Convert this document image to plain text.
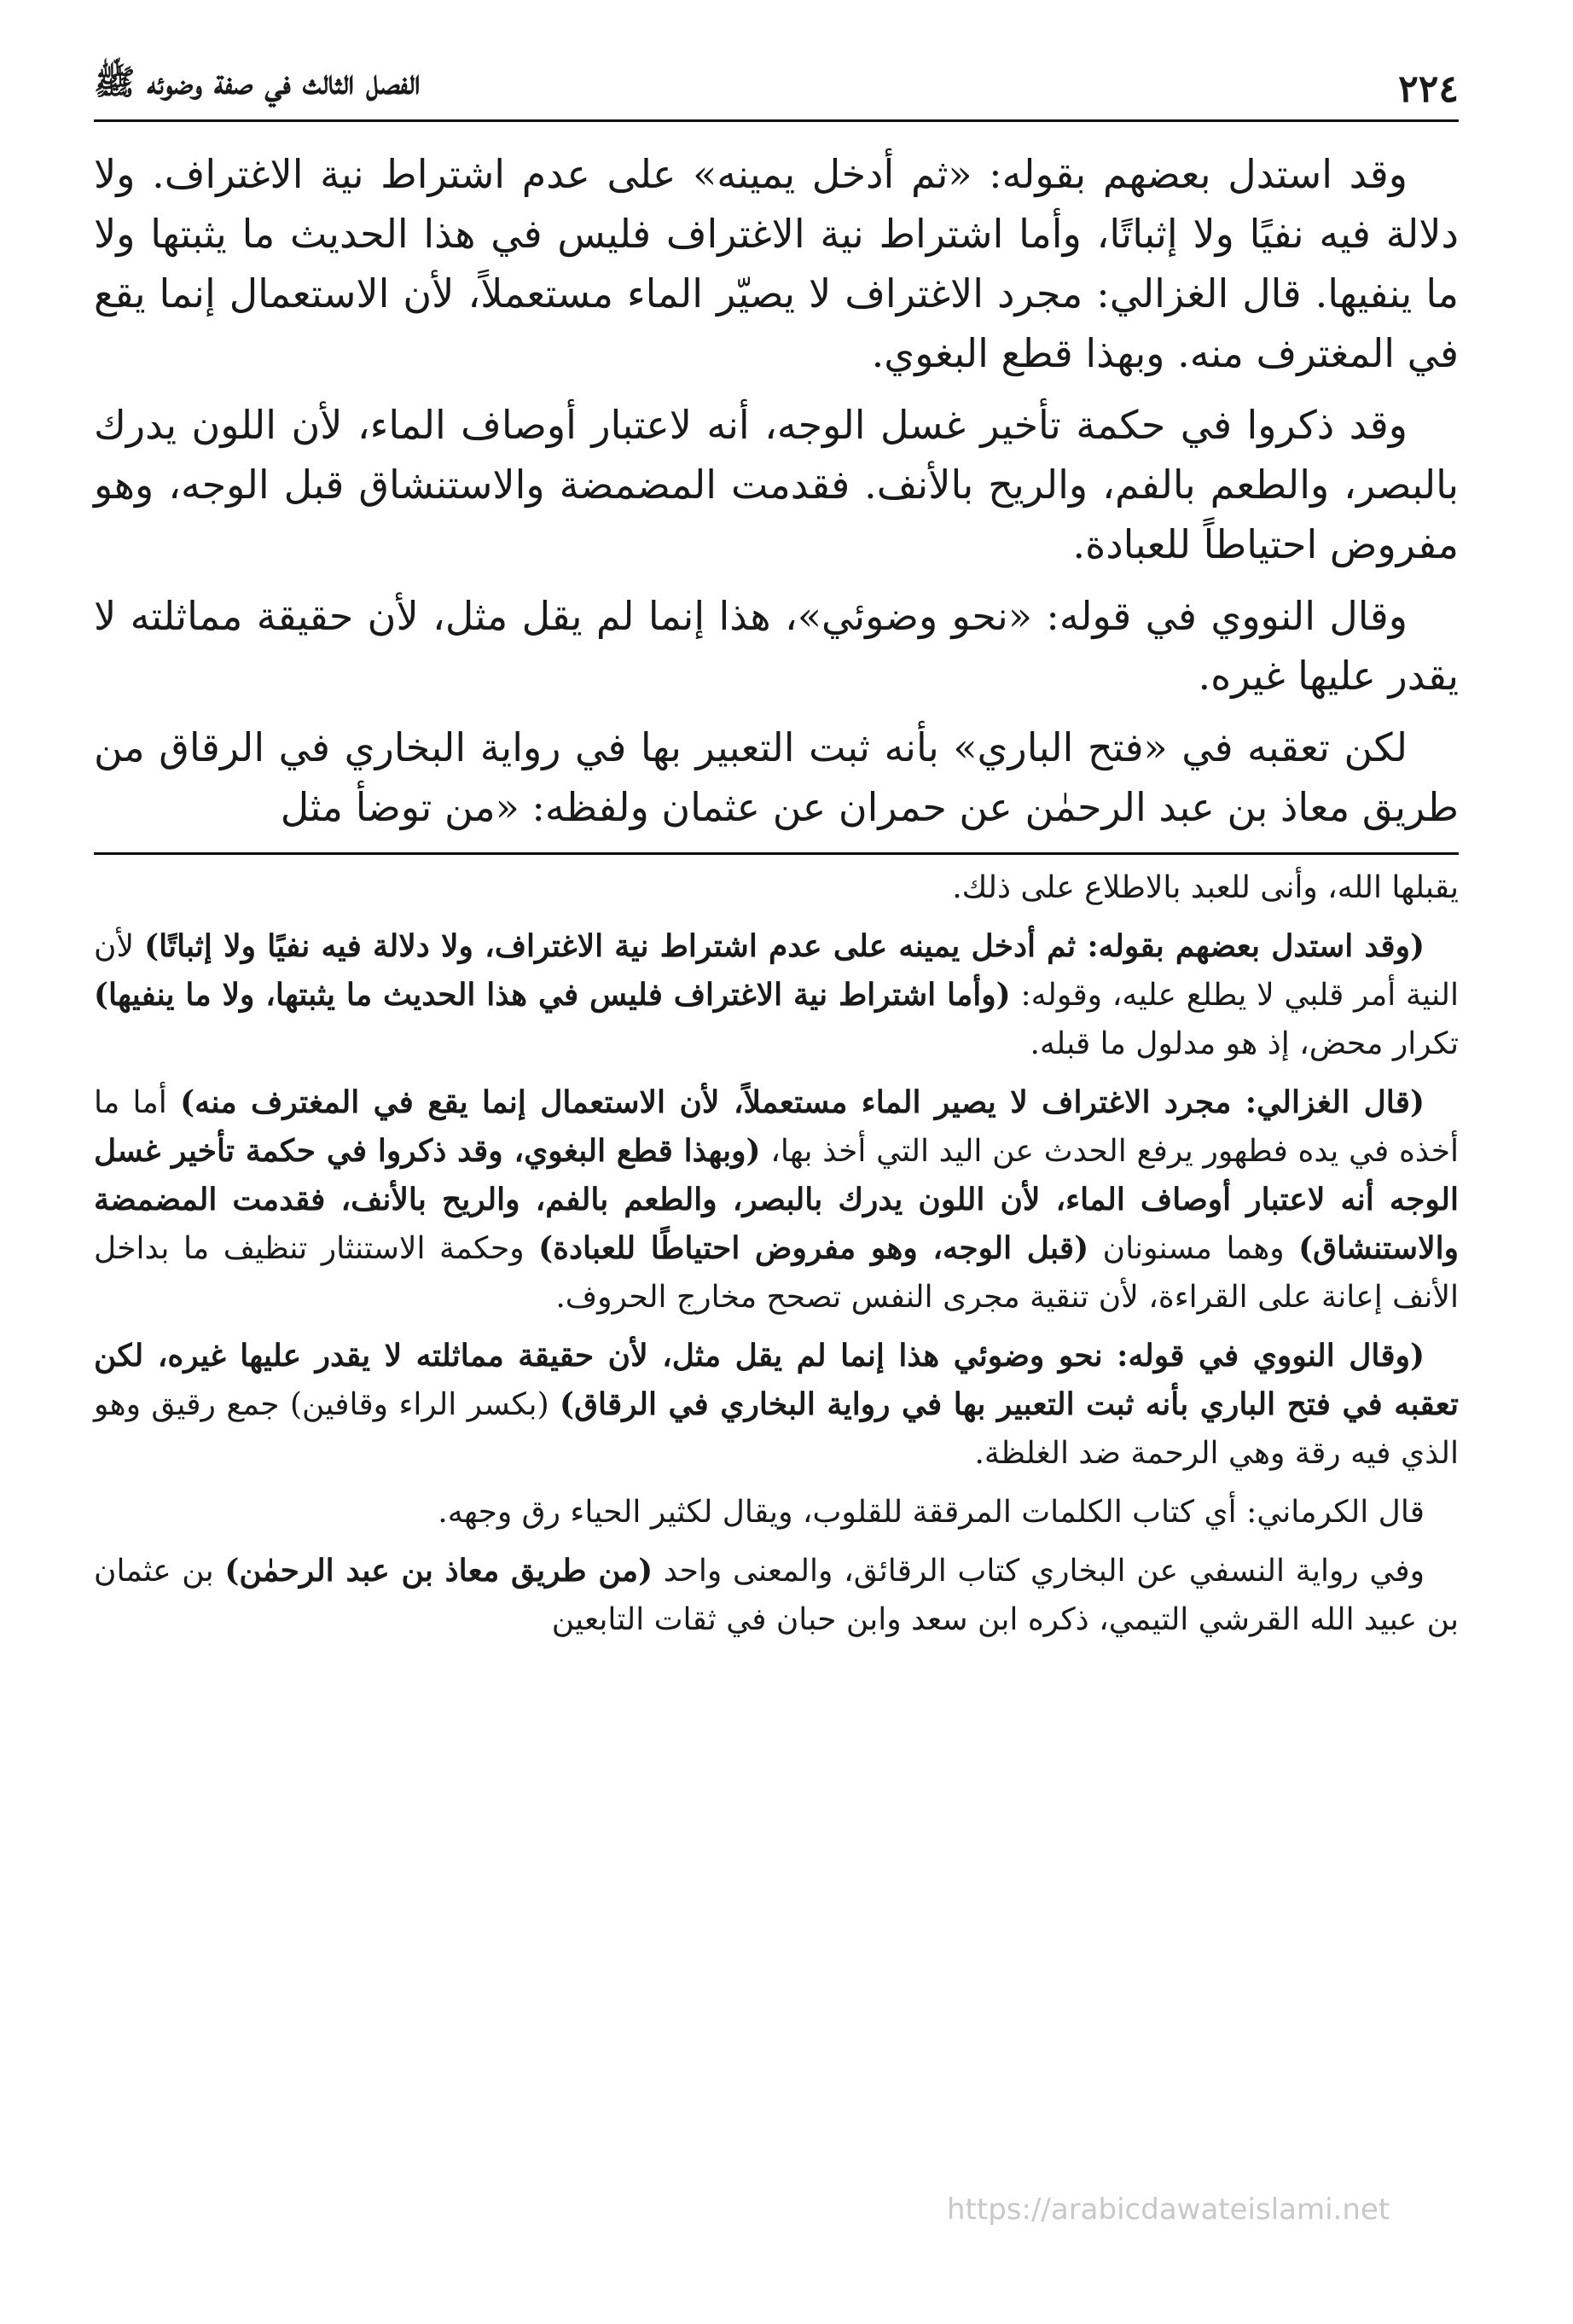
٢٢٤
الفصل الثالث في صفة وضوئه ﷺ

وقد استدل بعضهم بقوله: «ثم أدخل يمينه» على عدم اشتراط نية الاغتراف. ولا دلالة فيه نفيًا ولا إثباتًا، وأما اشتراط نية الاغتراف فليس في هذا الحديث ما يثبتها ولا ما ينفيها. قال الغزالي: مجرد الاغتراف لا يصيّر الماء مستعملاً، لأن الاستعمال إنما يقع في المغترف منه. وبهذا قطع البغوي.

وقد ذكروا في حكمة تأخير غسل الوجه، أنه لاعتبار أوصاف الماء، لأن اللون يدرك بالبصر، والطعم بالفم، والريح بالأنف. فقدمت المضمضة والاستنشاق قبل الوجه، وهو مفروض احتياطاً للعبادة.

وقال النووي في قوله: «نحو وضوئي»، هذا إنما لم يقل مثل، لأن حقيقة مماثلته لا يقدر عليها غيره.

لكن تعقبه في «فتح الباري» بأنه ثبت التعبير بها في رواية البخاري في الرقاق من طريق معاذ بن عبد الرحمٰن عن حمران عن عثمان ولفظه: «من توضأ مثل

يقبلها الله، وأنى للعبد بالاطلاع على ذلك.

(وقد استدل بعضهم بقوله: ثم أدخل يمينه على عدم اشتراط نية الاغتراف، ولا دلالة فيه نفيًا ولا إثباتًا) لأن النية أمر قلبي لا يطلع عليه، وقوله: (وأما اشتراط نية الاغتراف فليس في هذا الحديث ما يثبتها، ولا ما ينفيها) تكرار محض، إذ هو مدلول ما قبله.

(قال الغزالي: مجرد الاغتراف لا يصير الماء مستعملاً، لأن الاستعمال إنما يقع في المغترف منه) أما ما أخذه في يده فطهور يرفع الحدث عن اليد التي أخذ بها، (وبهذا قطع البغوي، وقد ذكروا في حكمة تأخير غسل الوجه أنه لاعتبار أوصاف الماء، لأن اللون يدرك بالبصر، والطعم بالفم، والريح بالأنف، فقدمت المضمضة والاستنشاق) وهما مسنونان (قبل الوجه، وهو مفروض احتياطًا للعبادة) وحكمة الاستنثار تنظيف ما بداخل الأنف إعانة على القراءة، لأن تنقية مجرى النفس تصحح مخارج الحروف.

(وقال النووي في قوله: نحو وضوئي هذا إنما لم يقل مثل، لأن حقيقة مماثلته لا يقدر عليها غيره، لكن تعقبه في فتح الباري بأنه ثبت التعبير بها في رواية البخاري في الرقاق) (بكسر الراء وقافين) جمع رقيق وهو الذي فيه رقة وهي الرحمة ضد الغلظة.

قال الكرماني: أي كتاب الكلمات المرققة للقلوب، ويقال لكثير الحياء رق وجهه.

وفي رواية النسفي عن البخاري كتاب الرقائق، والمعنى واحد (من طريق معاذ بن عبد الرحمٰن) بن عثمان بن عبيد الله القرشي التيمي، ذكره ابن سعد وابن حبان في ثقات التابعين

https://arabicdawateislami.net
